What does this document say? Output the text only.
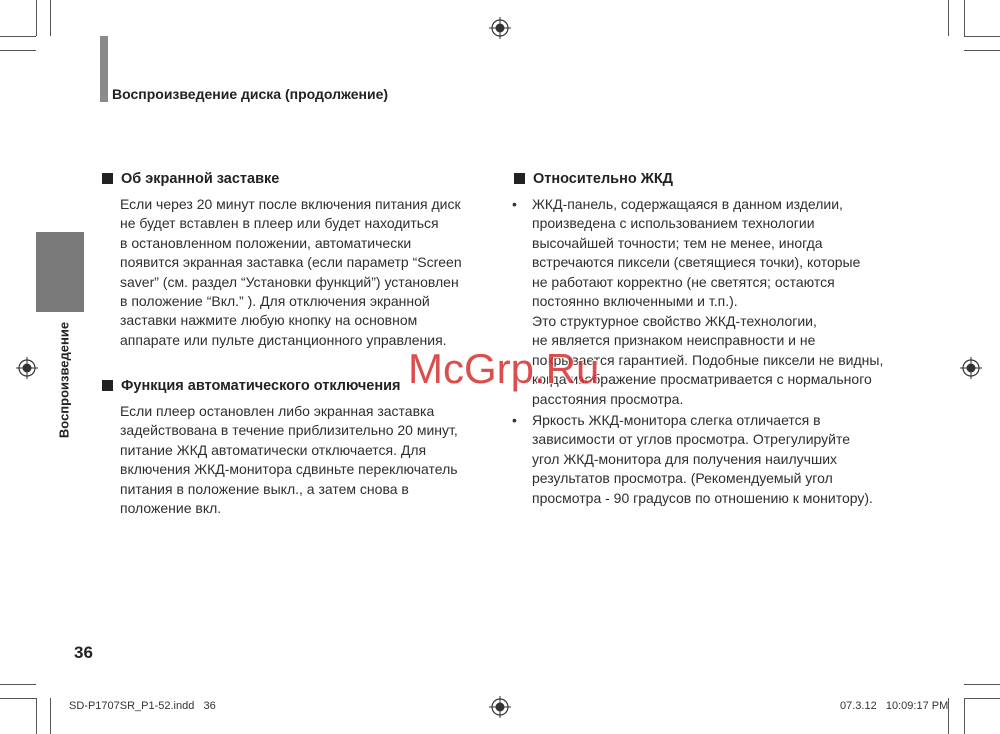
Воспроизведение диска (продолжение)
Воспроизведение
Об экранной заставке
Если через 20 минут после включения питания диск
не будет вставлен в плеер или будет находиться
в остановленном положении, автоматически
появится экранная заставка (если параметр “Screen
saver” (см. раздел “Установки функций”) установлен
в положение “Вкл.” ). Для отключения экранной
заставки нажмите любую кнопку на основном
аппарате или пульте дистанционного управления.
Функция автоматического отключения
Если плеер остановлен либо экранная заставка
задействована в течение приблизительно 20 минут,
питание ЖКД автоматически отключается. Для
включения ЖКД-монитора сдвиньте переключатель
питания в положение выкл., а затем снова в
положение вкл.
Относительно ЖКД
• ЖКД-панель, содержащаяся в данном изделии,
произведена с использованием технологии
высочайшей точности; тем не менее, иногда
встречаются пиксели (светящиеся точки), которые
не работают корректно (не светятся; остаются
постоянно включенными и т.п.).
Это структурное свойство ЖКД-технологии,
не является признаком неисправности и не
покрывается гарантией. Подобные пиксели не видны,
когда изображение просматривается с нормального
расстояния просмотра.
• Яркость ЖКД-монитора слегка отличается в
зависимости от углов просмотра. Отрегулируйте
угол ЖКД-монитора для получения наилучших
результатов просмотра. (Рекомендуемый угол
просмотра - 90 градусов по отношению к монитору).
McGrp.Ru
36
SD-P1707SR_P1-52.indd   36	07.3.12   10:09:17 PM
